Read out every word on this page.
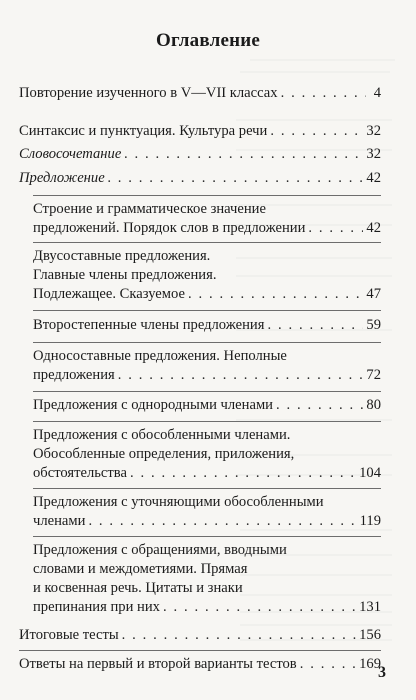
Оглавление
Повторение изученного в V—VII классах . . .	4
Синтаксис и пунктуация. Культура речи . . .	32
Словосочетание . . .	32
Предложение . . .	42
Строение и грамматическое значение
предложений. Порядок слов в предложении . . .	42
Двусоставные предложения.
Главные члены предложения.
Подлежащее. Сказуемое . . .	47
Второстепенные члены предложения . . .	59
Односоставные предложения. Неполные
предложения . . .	72
Предложения с однородными членами . . .	80
Предложения с обособленными членами.
Обособленные определения, приложения,
обстоятельства . . .	104
Предложения с уточняющими обособленными
членами . . .	119
Предложения с обращениями, вводными
словами и междометиями. Прямая
и косвенная речь. Цитаты и знаки
препинания при них . . .	131
Итоговые тесты . . .	156
Ответы на первый и второй варианты тестов . . .	169
3
